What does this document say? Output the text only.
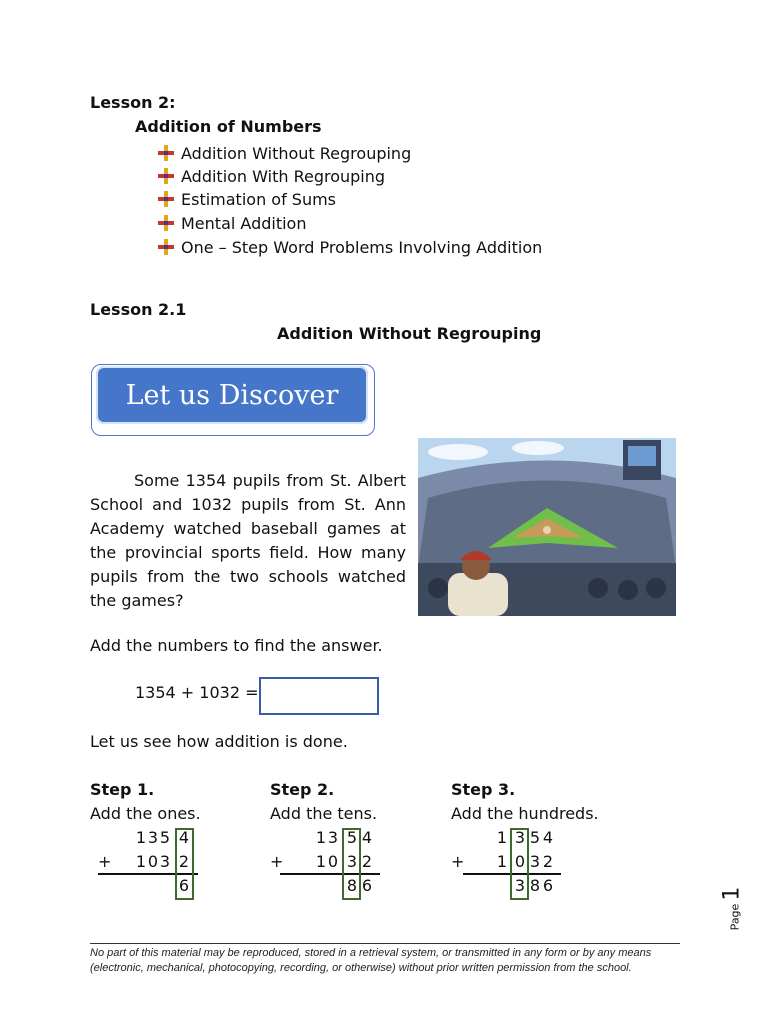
Lesson 2:
Addition of Numbers
Addition Without Regrouping
Addition With Regrouping
Estimation of Sums
Mental Addition
One – Step Word Problems Involving Addition
Lesson 2.1
Addition Without Regrouping
Let us Discover

Some 1354 pupils from St. Albert School and 1032 pupils from St. Ann Academy watched baseball games at the provincial sports field. How many pupils from the two schools watched the games?

Add the numbers to find the answer.
1354 + 1032 =
Let us see how addition is done.
Step 1.
Add the ones.
1 3 5 4
+ 1 0 3 2
6
Step 2.
Add the tens.
1 3 5 4
+ 1 0 3 2
8 6
Step 3.
Add the hundreds.
1 3 5 4
+ 1 0 3 2
3 8 6
Page
1
No part of this material may be reproduced, stored in a retrieval system, or transmitted in any form or by any means (electronic, mechanical, photocopying, recording, or otherwise) without prior written permission from the school.
